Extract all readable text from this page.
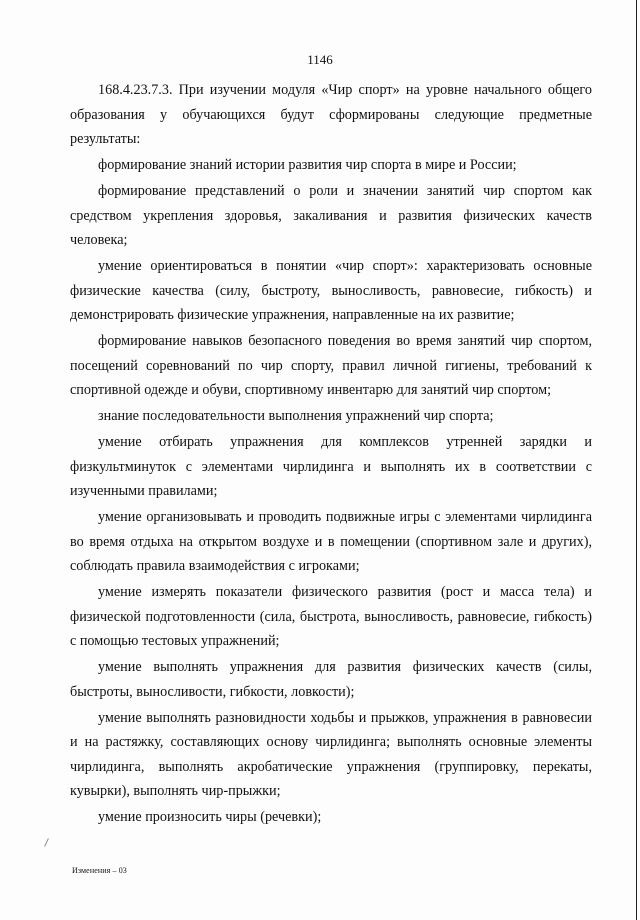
1146

168.4.23.7.3. При изучении модуля «Чир спорт» на уровне начального общего образования у обучающихся будут сформированы следующие предметные результаты:

формирование знаний истории развития чир спорта в мире и России;

формирование представлений о роли и значении занятий чир спортом как средством укрепления здоровья, закаливания и развития физических качеств человека;

умение ориентироваться в понятии «чир спорт»: характеризовать основные физические качества (силу, быстроту, выносливость, равновесие, гибкость) и демонстрировать физические упражнения, направленные на их развитие;

формирование навыков безопасного поведения во время занятий чир спортом, посещений соревнований по чир спорту, правил личной гигиены, требований к спортивной одежде и обуви, спортивному инвентарю для занятий чир спортом;

знание последовательности выполнения упражнений чир спорта;

умение отбирать упражнения для комплексов утренней зарядки и физкультминуток с элементами чирлидинга и выполнять их в соответствии с изученными правилами;

умение организовывать и проводить подвижные игры с элементами чирлидинга во время отдыха на открытом воздухе и в помещении (спортивном зале и других), соблюдать правила взаимодействия с игроками;

умение измерять показатели физического развития (рост и масса тела) и физической подготовленности (сила, быстрота, выносливость, равновесие, гибкость) с помощью тестовых упражнений;

умение выполнять упражнения для развития физических качеств (силы, быстроты, выносливости, гибкости, ловкости);

умение выполнять разновидности ходьбы и прыжков, упражнения в равновесии и на растяжку, составляющих основу чирлидинга; выполнять основные элементы чирлидинга, выполнять акробатические упражнения (группировку, перекаты, кувырки), выполнять чир-прыжки;

умение произносить чиры (речевки);

Изменения – 03
